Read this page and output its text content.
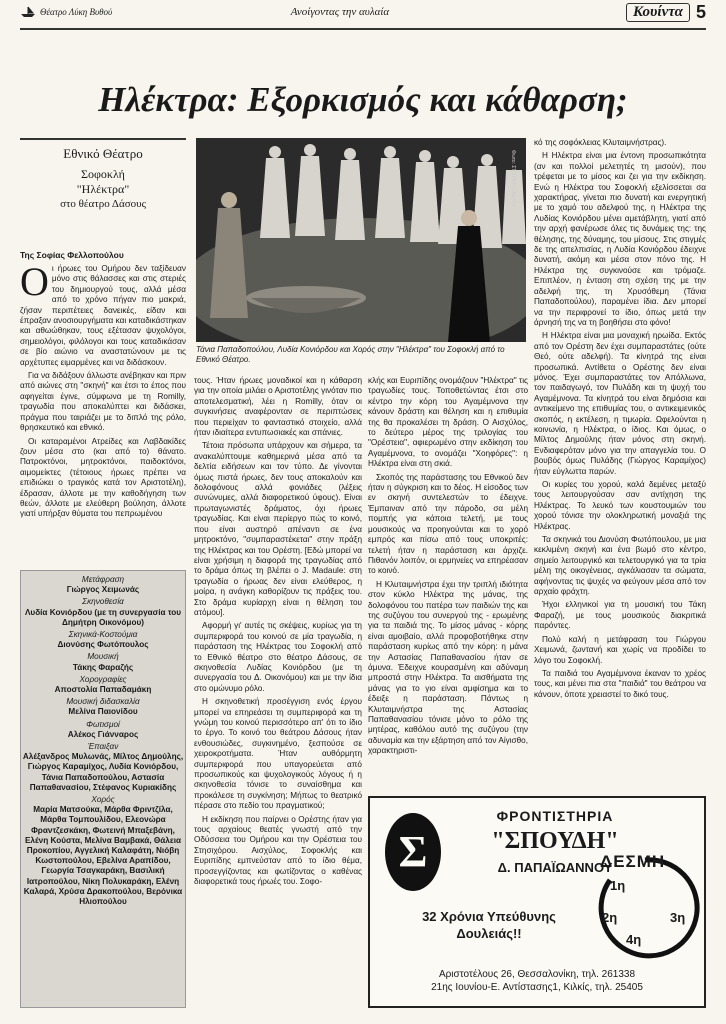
Θέατρο Λύκη Βυθού	Ανοίγοντας την αυλαία	Κουίντα 5
Ηλέκτρα: Εξορκισμός και κάθαρση;
Εθνικό Θέατρο
Σοφοκλή
"Ηλέκτρα"
στο θέατρο Δάσους
Της Σοφίας Φελλοπούλου
Ο ι ήρωες του Ομήρου δεν ταξίδευαν μόνο στις θάλασσες και στις στεριές του δημιουργού τους, αλλά μέσα από το χρόνο πήγαν πιο μακριά, ζήσαν περιπέτειες δανεικές, είδαν και έπραξαν ανοσιουργήματα και καταδικάστηκαν και αθωώθηκαν, τους εξέτασαν ψυχολόγοι, σημειολόγοι, φιλόλογοι και τους καταδικάσαν σε βίο αιώνιο να αναστατώνουν με τις αρχέτυπες ειμαρμένες και να διδάσκουν.

Για να διδάξουν άλλωστε ανέβηκαν και πριν από αιώνες στη "σκηνή" και έτσι το έπος που αφηγείται έγινε, σύμφωνα με τη Romilly, τραγωδία που αποκαλύπτει και διδάσκει, πράγμα που ταιριάζει με το διπλό της ρόλο, θρησκευτικό και εθνικό.

Οι καταραμένοι Ατρείδες και Λαβδακίδες ζουν μέσα στο (και από το) θάνατο. Πατροκτόνοι, μητροκτόνοι, παιδοκτόνοι, αιμομείκτες (τέτοιους ήρωες πρέπει να επιδιώκει ο τραγικός κατά τον Αριστοτέλη), έδρασαν, άλλοτε με την καθοδήγηση των θεών, άλλοτε με ελεύθερη βούληση, άλλοτε γιατί υπήρξαν θύματα του πεπρωμένου

Φωτο: ΣΤΟΥΝΤΙΟ ΔΕΛΤΑ
Τάνια Παπαδοπούλου, Λυδία Κονιόρδου και Χορός στην "Ηλέκτρα" του Σοφοκλή από το Εθνικό Θέατρο.

τους. Ήταν ήρωες μοναδικοί και η κάθαρση για την οποία μιλάει ο Αριστοτέλης γινόταν πιο αποτελεσματική, λέει η Romilly, όταν οι συγκινήσεις αναφέρονταν σε περιπτώσεις που περιείχαν το φανταστικό στοιχείο, αλλά ήταν ιδιαίτερα εντυπωσιακές και σπάνιες.

Τέτοια πρόσωπα υπάρχουν και σήμερα, τα ανακαλύπτουμε καθημερινά μέσα από τα δελτία ειδήσεων και τον τύπο. Δε γίνονται όμως πιστά ήρωες, δεν τους αποκαλούν και δολοφόνους αλλά φονιάδες (λέξεις συνώνυμες, αλλά διαφορετικού ύφους). Είναι πρωταγωνιστές δράματος, όχι ήρωες τραγωδίας. Και είναι περίεργο πώς το κοινό, που είναι αυστηρό απέναντι σε ένα μητροκτόνο, "συμπαραστέκεται" στην πράξη της Ηλέκτρας και του Ορέστη. [Εδώ μπορεί να είναι χρήσιμη η διαφορά της τραγωδίας από το δράμα όπως τη βλέπει ο J. Madaule: στη τραγωδία ο ήρωας δεν είναι ελεύθερος, η μοίρα, η ανάγκη καθορίζουν τις πράξεις του. Στο δράμα κυρίαρχη είναι η θέληση του ατόμου].

Αφορμή γι' αυτές τις σκέψεις, κυρίως για τη συμπεριφορά του κοινού σε μία τραγωδία, η παράσταση της Ηλέκτρας του Σοφοκλή από το Εθνικό θέατρο στο θέατρο Δάσους, σε σκηνοθεσία Λυδίας Κονιόρδου (με τη συνεργασία του Δ. Οικονόμου) και με την ίδια στο ομώνυμο ρόλο.

Η σκηνοθετική προσέγγιση ενός έργου μπορεί να επηρεάσει τη συμπεριφορά και τη γνώμη του κοινού περισσότερο απ' ότι το ίδιο το έργο. Το κοινό του θεάτρου Δάσους ήταν ενθουσιώδες, συγκινημένο, ξεσπούσε σε χειροκροτήματα. Ήταν αυθόρμητη συμπεριφορά που υπαγορεύεται από προσωπικούς και ψυχολογικούς λόγους ή η σκηνοθεσία τόνισε το συναίσθημα και προκάλεσε τη συγκίνηση; Μήπως το θεατρικό πέρασε στο πεδίο του πραγματικού;

Η εκδίκηση που παίρνει ο Ορέστης ήταν για τους αρχαίους θεατές γνωστή από την Οδύσσεια του Ομήρου και την Ορέστεια του Στησιχόρου. Αισχύλος, Σοφοκλής και Ευριπίδης εμπνεύσταν από το ίδιο θέμα, προσεγγίζοντας και φωτίζοντας ο καθένας διαφορετικά τους ήρωές του. Σοφο-

κλής και Ευριπίδης ονομάζουν "Ηλέκτρα" τις τραγωδίες τους. Τοποθετώντας έτσι στο κέντρο την κόρη του Αγαμέμνονα την κάνουν δράστη και θέληση και η επιθυμία της θα προκαλέσει τη δράση. Ο Αισχύλος, το δεύτερο μέρος της τριλογίας του "Ορέστεια", αφιερωμένο στην εκδίκηση του Αγαμέμνονα, το ονομάζει "Χοηφόρες": η Ηλέκτρα είναι στη σκιά.

Σκοπός της παράστασης του Εθνικού δεν ήταν η σύγκριση και το δέος. Η είσοδος των εν σκηνή συντελεστών το έδειχνε. Έμπαιναν από την πάροδο, σα μέλη πομπής για κάποια τελετή, με τους μουσικούς να προηγούνται και το χορό εμπρός και πίσω από τους υποκριτές: τελετή ήταν η παράσταση και άρχιζε. Πιθανόν λοιπόν, οι ερμηνείες να επηρέασαν το κοινό.

Η Κλυταιμνήστρα έχει την τριπλή ιδιότητα στον κύκλο Ηλέκτρα της μάνας, της δολοφόνου του πατέρα των παιδιών της και της συζύγου του συνεργού της - ερωμένης για τα παιδιά της. Το μίσος μάνας - κόρης είναι αμοιβαίο, αλλά προφοβοτήθηκε στην παράσταση κυρίως από την κόρη: η μάνα την Αστασίας Παπαθανασίου ήταν σε άμυνα. Έδειχνε κουρασμένη και αδύναμη μπροστά στην Ηλέκτρα. Τα αισθήματα της μάνας για το γιο είναι αμφίσημα και το έδειξε η παράσταση. Πάντως η Κλυταιμνήστρα της Αστασίας Παπαθανασίου τόνισε μόνο το ρόλο της μητέρας, καθόλου αυτό της συζύγου (την αδυναμία και την εξάρτηση από τον Αίγισθο, χαρακτηριστι-

κό της σοφόκλειας Κλυταιμνήστρας).

Η Ηλέκτρα είναι μια έντονη προσωπικότητα (αν και πολλοί μελετητές τη μισούν), που τρέφεται με το μίσος και ζει για την εκδίκηση. Ενώ η Ηλέκτρα του Σοφοκλή εξελίσσεται σα χαρακτήρας, γίνεται πιο δυνατή και ενεργητική με το χαμό του αδελφού της, η Ηλέκτρα της Λυδίας Κονιόρδου μένει αμετάβλητη, γιατί από την αρχή φανέρωσε όλες τις δυνάμεις της: της θέλησης, της δύναμης, του μίσους. Στις στιγμές δε της απελπισίας, η Λυδία Κονιόρδου έδειχνε δυνατή, ακόμη και μέσα στον πόνο της. Η Ηλέκτρα της συγκινούσε και τρόμαζε. Επιπλέον, η ένταση στη σχέση της με την αδελφή της, τη Χρυσόθεμη (Τάνια Παπαδοπούλου), παραμένει ίδια. Δεν μπορεί να την περιφρονεί το ίδιο, όπως μετά την άρνησή της να τη βοηθήσει στο φόνο!

Η Ηλέκτρα είναι μια μοναχική ηρωίδα. Εκτός από τον Ορέστη δεν έχει συμπαραστάτες (ούτε Θεό, ούτε αδελφή). Τα κίνητρά της είναι προσωπικά. Αντίθετα ο Ορέστης δεν είναι μόνος. Έχει συμπαραστάτες τον Απόλλωνα, τον παιδαγωγό, τον Πυλάδη και τη ψυχή του Αγαμέμνονα. Τα κίνητρά του είναι δημόσια και αντικείμενο της επιθυμίας του, ο αντικειμενικός σκοπός, η εκτέλεση, η τιμωρία. Ωφελούνται η κοινωνία, η Ηλέκτρα, ο ίδιος. Και όμως, ο Μίλτος Δημούλης ήταν μόνος στη σκηνή. Ενδιαφερόταν μόνο για την απαγγελία του. Ο βουβός όμως Πυλάδης (Γιώργος Καραμίχος) ήταν εύγλωττα παρών.

Οι κυρίες του χορού, καλά δεμένες μεταξύ τους λειτουργούσαν σαν αντίχηση της Ηλέκτρας. Το λευκό των κουστουμιών του χορού τόνισε την ολοκληρωτική μοναξιά της Ηλέκτρας.

Τα σκηνικά του Διονύση Φωτόπουλου, με μια κεκλιμένη σκηνή και ένα βωμό στο κέντρο, σημείο λειτουργικό και τελετουργικό για τα τρία μέλη της οικογένειας, αγκάλιασαν τα σώματα, αφήνοντας τις ψυχές να φεύγουν μέσα από τον αρχαίο φράχτη.

Ήχοι ελληνικοί για τη μουσική του Τάκη Φαραζή, με τους μουσικούς διακριτικά παρόντες.

Πολύ καλή η μετάφραση του Γιώργου Χειμωνά, ζωντανή και χωρίς να προδίδει το λόγο του Σοφοκλή.

Τα παιδιά του Αγαμέμνονα έκαναν το χρέος τους, και μένει πια στα "παιδιά" του θεάτρου να κάνουν, όποτε χρειαστεί το δικό τους.

Μετάφραση
Γιώργος Χειμωνάς
Σκηνοθεσία
Λυδία Κονιόρδου (με τη συνεργασία του Δημήτρη Οικονόμου)
Σκηνικά-Κοστούμια
Διονύσης Φωτόπουλος
Μουσική
Τάκης Φαραζής
Χορογραφίες
Αποστολία Παπαδαμάκη
Μουσική διδασκαλία
Μελίνα Παιονίδου
Φωτισμοί
Αλέκος Γιάνναρος
Έπαιξαν
Αλέξανδρος Μυλωνάς, Μίλτος Δημούλης, Γιώργος Καραμίχος, Λυδία Κονιόρδου, Τάνια Παπαδοπούλου, Αστασία Παπαθανασίου, Στέφανος Κυριακίδης
Χορός
Μαρία Ματσούκα, Μάρθα Φριντζίλα, Μάρθα Τομπουλίδου, Ελεονώρα Φραντζεσκάκη, Φωτεινή Μπαξεβάνη, Ελένη Κούστα, Μελίνα Βαμβακά, Θάλεια Προκοπίου, Αγγελική Καλαφάτη, Νιόβη Κωστοπούλου, Εβελίνα Αραπίδου, Γεωργία Τσαγκαράκη, Βασιλική Ιατροπούλου, Νίκη Πολυκαράκη, Ελένη Καλαρά, Χρύσα Δρακοπούλου, Βερόνικα Ηλιοπούλου
Σ
ΦΡΟΝΤΙΣΤΗΡΙΑ
"ΣΠΟΥΔΗ"
Δ. ΠΑΠΑΪΩΑΝΝΟΥ
32 Χρόνια Υπεύθυνης
Δουλειάς!!
ΔΕΣΜΗ
1η
2η	3η
4η
Αριστοτέλους 26, Θεσσαλονίκη, τηλ. 261338
21ης Ιουνίου-Ε. Αντίστασης1, Κιλκίς, τηλ. 25405
